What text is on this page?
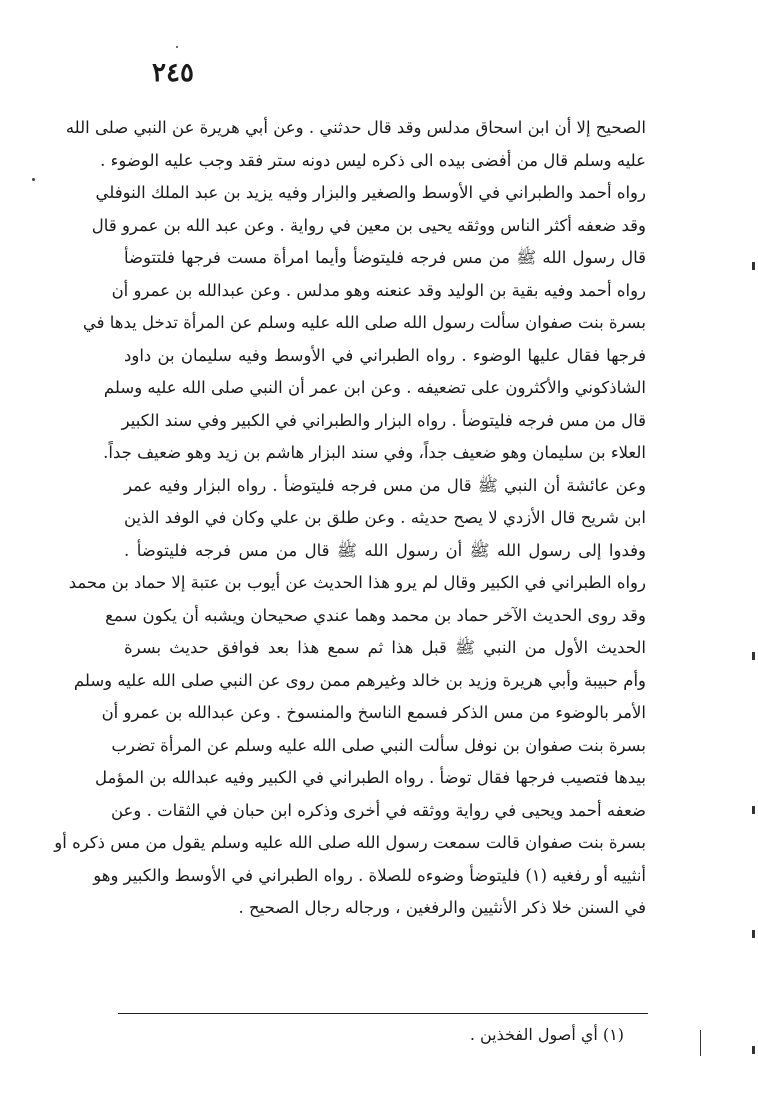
٢٤٥
الصحيح إلا أن ابن اسحاق مدلس وقد قال حدثني . وعن أبي هريرة عن النبي صلى الله
عليه وسلم قال من أفضى بيده الى ذكره ليس دونه ستر فقد وجب عليه الوضوء .
رواه أحمد والطبراني في الأوسط والصغير والبزار وفيه يزيد بن عبد الملك النوفلي
وقد ضعفه أكثر الناس ووثقه يحيى بن معين في رواية . وعن عبد الله بن عمرو قال
قال رسول الله ﷺ من مس فرجه فليتوضأ وأيما امرأة مست فرجها فلتتوضأ
رواه أحمد وفيه بقية بن الوليد وقد عنعنه وهو مدلس . وعن عبدالله بن عمرو أن
بسرة بنت صفوان سألت رسول الله صلى الله عليه وسلم عن المرأة تدخل يدها في
فرجها فقال عليها الوضوء . رواه الطبراني في الأوسط وفيه سليمان بن داود
الشاذكوني والأكثرون على تضعيفه . وعن ابن عمر أن النبي صلى الله عليه وسلم
قال من مس فرجه فليتوضأ . رواه البزار والطبراني في الكبير وفي سند الكبير
العلاء بن سليمان وهو ضعيف جداً، وفي سند البزار هاشم بن زيد وهو ضعيف جداً.
وعن عائشة أن النبي ﷺ قال من مس فرجه فليتوضأ . رواه البزار وفيه عمر
ابن شريح قال الأزدي لا يصح حديثه . وعن طلق بن علي وكان في الوفد الذين
وفدوا إلى رسول الله ﷺ أن رسول الله ﷺ قال من مس فرجه فليتوضأ .
رواه الطبراني في الكبير وقال لم يرو هذا الحديث عن أيوب بن عتبة إلا حماد بن محمد
وقد روى الحديث الآخر حماد بن محمد وهما عندي صحيحان ويشبه أن يكون سمع
الحديث الأول من النبي ﷺ قبل هذا ثم سمع هذا بعد فوافق حديث بسرة
وأم حبيبة وأبي هريرة وزيد بن خالد وغيرهم ممن روى عن النبي صلى الله عليه وسلم
الأمر بالوضوء من مس الذكر فسمع الناسخ والمنسوخ . وعن عبدالله بن عمرو أن
بسرة بنت صفوان بن نوفل سألت النبي صلى الله عليه وسلم عن المرأة تضرب
بيدها فتصيب فرجها فقال توضأ . رواه الطبراني في الكبير وفيه عبدالله بن المؤمل
ضعفه أحمد ويحيى في رواية ووثقه في أخرى وذكره ابن حبان في الثقات . وعن
بسرة بنت صفوان قالت سمعت رسول الله صلى الله عليه وسلم يقول من مس ذكره أو
أنثييه أو رفغيه (١) فليتوضأ وضوءه للصلاة . رواه الطبراني في الأوسط والكبير وهو
في السنن خلا ذكر الأنثيين والرفغين ، ورجاله رجال الصحيح .
(١) أي أصول الفخذين .
